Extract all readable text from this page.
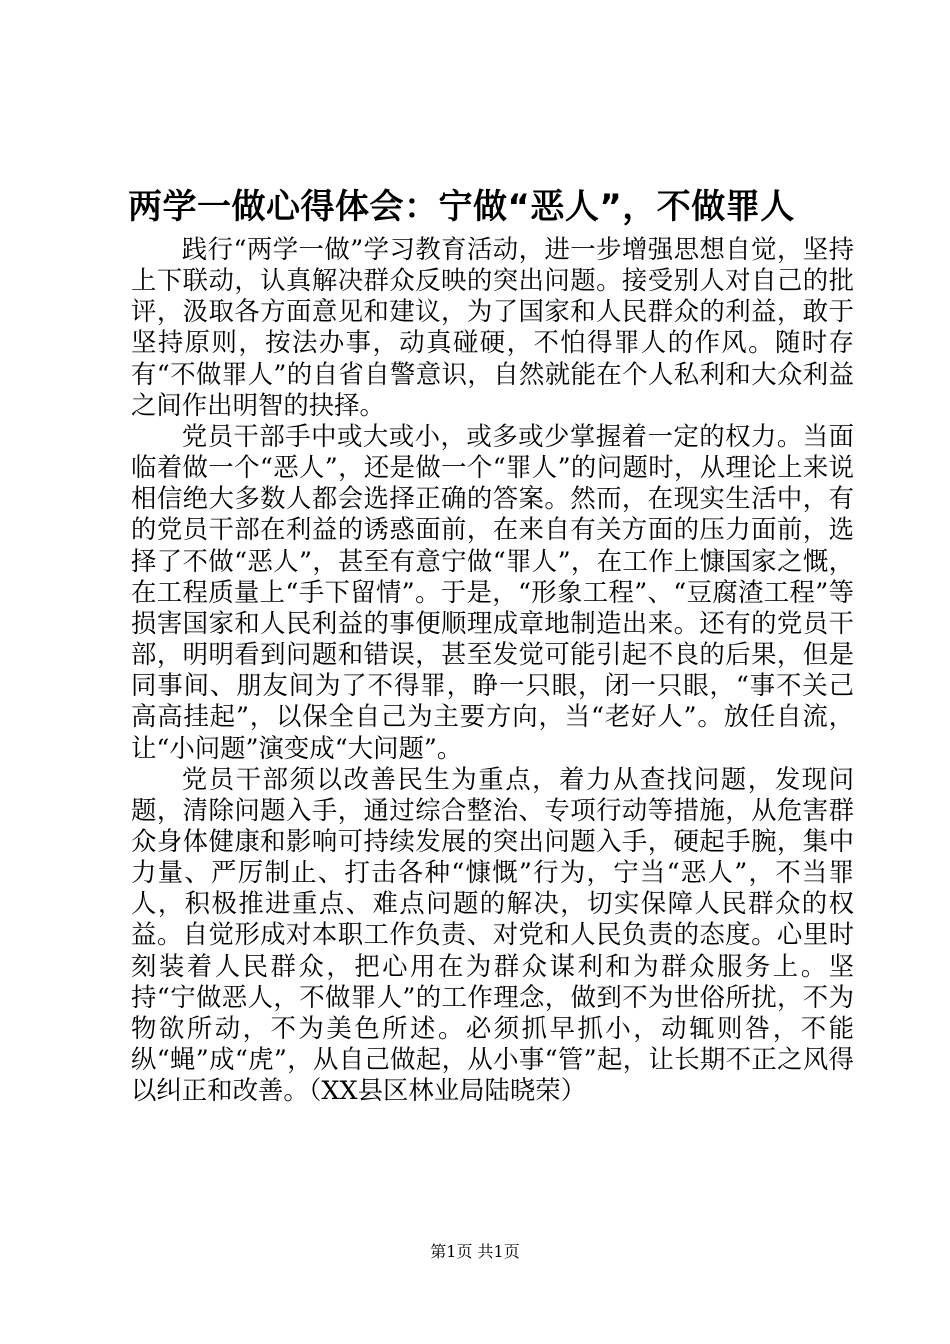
两学一做心得体会：宁做“恶人”，不做罪人

践行“两学一做”学习教育活动，进一步增强思想自觉，坚持上下联动，认真解决群众反映的突出问题。接受别人对自己的批评，汲取各方面意见和建议，为了国家和人民群众的利益，敢于坚持原则，按法办事，动真碰硬，不怕得罪人的作风。随时存有“不做罪人”的自省自警意识，自然就能在个人私利和大众利益之间作出明智的抉择。

党员干部手中或大或小，或多或少掌握着一定的权力。当面临着做一个“恶人”，还是做一个“罪人”的问题时，从理论上来说相信绝大多数人都会选择正确的答案。然而，在现实生活中，有的党员干部在利益的诱惑面前，在来自有关方面的压力面前，选择了不做“恶人”，甚至有意宁做“罪人”，在工作上慷国家之慨，在工程质量上“手下留情”。于是，“形象工程”、“豆腐渣工程”等损害国家和人民利益的事便顺理成章地制造出来。还有的党员干部，明明看到问题和错误，甚至发觉可能引起不良的后果，但是同事间、朋友间为了不得罪，睁一只眼，闭一只眼，“事不关己高高挂起”，以保全自己为主要方向，当“老好人”。放任自流，让“小问题”演变成“大问题”。

党员干部须以改善民生为重点，着力从查找问题，发现问题，清除问题入手，通过综合整治、专项行动等措施，从危害群众身体健康和影响可持续发展的突出问题入手，硬起手腕，集中力量、严厉制止、打击各种“慷慨”行为，宁当“恶人”，不当罪人，积极推进重点、难点问题的解决，切实保障人民群众的权益。自觉形成对本职工作负责、对党和人民负责的态度。心里时刻装着人民群众，把心用在为群众谋利和为群众服务上。坚持“宁做恶人，不做罪人”的工作理念，做到不为世俗所扰，不为物欲所动，不为美色所述。必须抓早抓小，动辄则咎，不能纵“蝇”成“虎”，从自己做起，从小事“管”起，让长期不正之风得以纠正和改善。（XX县区林业局陆晓荣）

第1页 共1页
